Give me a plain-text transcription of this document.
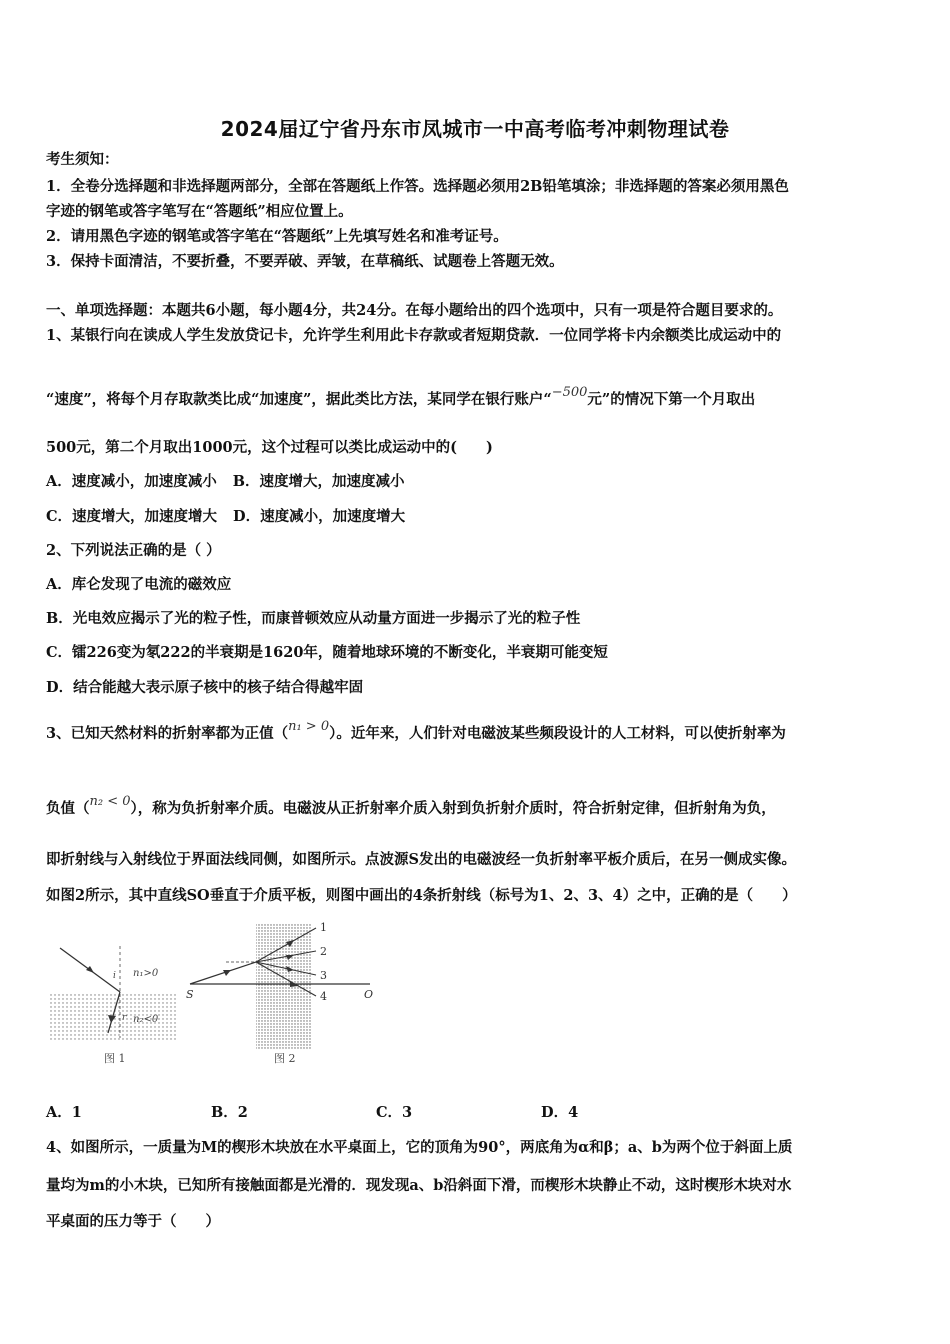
2024届辽宁省丹东市凤城市一中高考临考冲刺物理试卷
考生须知：
1．全卷分选择题和非选择题两部分，全部在答题纸上作答。选择题必须用2B铅笔填涂；非选择题的答案必须用黑色
字迹的钢笔或答字笔写在“答题纸”相应位置上。
2．请用黑色字迹的钢笔或答字笔在“答题纸”上先填写姓名和准考证号。
3．保持卡面清洁，不要折叠，不要弄破、弄皱，在草稿纸、试题卷上答题无效。
一、单项选择题：本题共6小题，每小题4分，共24分。在每小题给出的四个选项中，只有一项是符合题目要求的。
1、某银行向在读成人学生发放贷记卡，允许学生利用此卡存款或者短期贷款．一位同学将卡内余额类比成运动中的
“速度”，将每个月存取款类比成“加速度”，据此类比方法，某同学在银行账户“−500元”的情况下第一个月取出
500元，第二个月取出1000元，这个过程可以类比成运动中的(　　)
A．速度减小，加速度减小 B．速度增大，加速度减小
C．速度增大，加速度增大 D．速度减小，加速度增大
2、下列说法正确的是（ ）
A．库仑发现了电流的磁效应
B．光电效应揭示了光的粒子性，而康普顿效应从动量方面进一步揭示了光的粒子性
C．镭226变为氡222的半衰期是1620年，随着地球环境的不断变化，半衰期可能变短
D．结合能越大表示原子核中的核子结合得越牢固
3、已知天然材料的折射率都为正值（n₁ > 0）。近年来，人们针对电磁波某些频段设计的人工材料，可以使折射率为
负值（n₂ < 0），称为负折射率介质。电磁波从正折射率介质入射到负折射介质时，符合折射定律，但折射角为负，
即折射线与入射线位于界面法线同侧，如图所示。点波源S发出的电磁波经一负折射率平板介质后，在另一侧成实像。
如图2所示，其中直线SO垂直于介质平板，则图中画出的4条折射线（标号为1、2、3、4）之中，正确的是（　　）
i
r
n₁>0
n₂<0
图 1
1
2
3
4
S	O
图 2
A．1	B．2	C．3	D．4
4、如图所示，一质量为M的楔形木块放在水平桌面上，它的顶角为90°，两底角为α和β；a、b为两个位于斜面上质
量均为m的小木块，已知所有接触面都是光滑的．现发现a、b沿斜面下滑，而楔形木块静止不动，这时楔形木块对水
平桌面的压力等于（　　）
